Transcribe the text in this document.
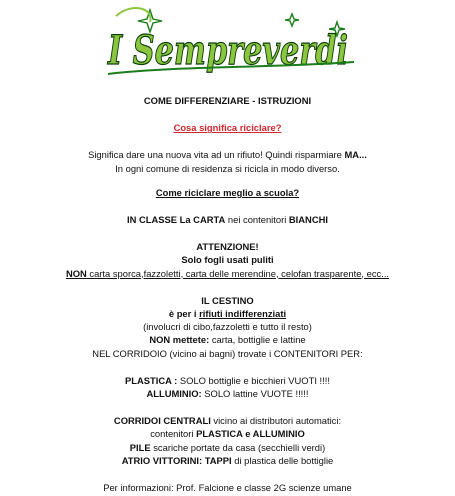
I Sempreverdi
COME DIFFERENZIARE - ISTRUZIONI
Cosa significa riciclare?
Significa dare una nuova vita ad un rifiuto! Quindi risparmiare MA...
In ogni comune di residenza si ricicla in modo diverso.
Come riciclare meglio a scuola?
IN CLASSE La CARTA nei contenitori BIANCHI
ATTENZIONE!
Solo fogli usati puliti
NON carta sporca,fazzoletti, carta delle merendine, celofan trasparente, ecc...
IL CESTINO
è per i rifiuti indifferenziati
(involucri di cibo,fazzoletti e tutto il resto)
NON mettete: carta, bottiglie e lattine
NEL CORRIDOIO (vicino ai bagni) trovate i CONTENITORI PER:
PLASTICA : SOLO bottiglie e bicchieri VUOTI !!!!
ALLUMINIO: SOLO lattine VUOTE !!!!!
CORRIDOI CENTRALI vicino ai distributori automatici:
contenitori PLASTICA e ALLUMINIO
PILE scariche portate da casa (secchielli verdi)
ATRIO VITTORINI: TAPPI di plastica delle bottiglie
Per informazioni: Prof. Falcione e classe 2G scienze umane
